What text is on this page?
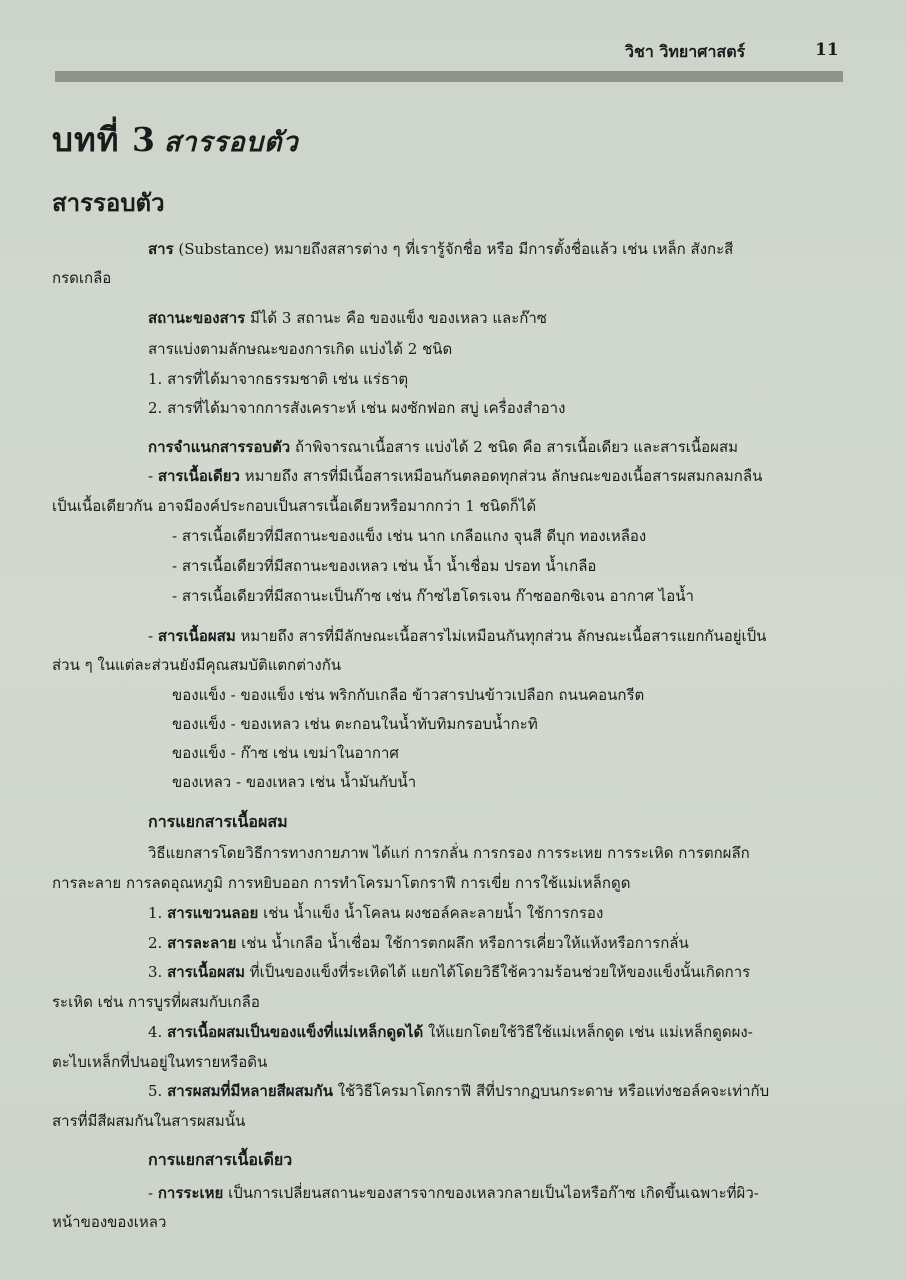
วิชา วิทยาศาสตร์	11
บทที่ 3 สารรอบตัว
สารรอบตัว
สาร (Substance) หมายถึงสสารต่าง ๆ ที่เรารู้จักชื่อ หรือ มีการตั้งชื่อแล้ว เช่น เหล็ก สังกะสี
กรดเกลือ
สถานะของสาร มีได้ 3 สถานะ คือ ของแข็ง ของเหลว และก๊าซ
สารแบ่งตามลักษณะของการเกิด แบ่งได้ 2 ชนิด
1. สารที่ได้มาจากธรรมชาติ เช่น แร่ธาตุ
2. สารที่ได้มาจากการสังเคราะห์ เช่น ผงซักฟอก สบู่ เครื่องสำอาง
การจำแนกสารรอบตัว ถ้าพิจารณาเนื้อสาร แบ่งได้ 2 ชนิด คือ สารเนื้อเดียว และสารเนื้อผสม
- สารเนื้อเดียว หมายถึง สารที่มีเนื้อสารเหมือนกันตลอดทุกส่วน ลักษณะของเนื้อสารผสมกลมกลืน
เป็นเนื้อเดียวกัน อาจมีองค์ประกอบเป็นสารเนื้อเดียวหรือมากกว่า 1 ชนิดก็ได้
- สารเนื้อเดียวที่มีสถานะของแข็ง เช่น นาก เกลือแกง จุนสี ดีบุก ทองเหลือง
- สารเนื้อเดียวที่มีสถานะของเหลว เช่น น้ำ น้ำเชื่อม ปรอท น้ำเกลือ
- สารเนื้อเดียวที่มีสถานะเป็นก๊าซ เช่น ก๊าซไฮโดรเจน ก๊าซออกซิเจน อากาศ ไอน้ำ
- สารเนื้อผสม หมายถึง สารที่มีลักษณะเนื้อสารไม่เหมือนกันทุกส่วน ลักษณะเนื้อสารแยกกันอยู่เป็น
ส่วน ๆ ในแต่ละส่วนยังมีคุณสมบัติแตกต่างกัน
ของแข็ง - ของแข็ง เช่น พริกกับเกลือ ข้าวสารปนข้าวเปลือก ถนนคอนกรีต
ของแข็ง - ของเหลว เช่น ตะกอนในน้ำทับทิมกรอบน้ำกะทิ
ของแข็ง - ก๊าซ เช่น เขม่าในอากาศ
ของเหลว - ของเหลว เช่น น้ำมันกับน้ำ
การแยกสารเนื้อผสม
วิธีแยกสารโดยวิธีการทางกายภาพ ได้แก่ การกลั่น การกรอง การระเหย การระเหิด การตกผลึก
การละลาย การลดอุณหภูมิ การหยิบออก การทำโครมาโตกราฟี การเขี่ย การใช้แม่เหล็กดูด
1. สารแขวนลอย เช่น น้ำแข็ง น้ำโคลน ผงชอล์คละลายน้ำ ใช้การกรอง
2. สารละลาย เช่น น้ำเกลือ น้ำเชื่อม ใช้การตกผลึก หรือการเคี่ยวให้แห้งหรือการกลั่น
3. สารเนื้อผสม ที่เป็นของแข็งที่ระเหิดได้ แยกได้โดยวิธีใช้ความร้อนช่วยให้ของแข็งนั้นเกิดการ
ระเหิด เช่น การบูรที่ผสมกับเกลือ
4. สารเนื้อผสมเป็นของแข็งที่แม่เหล็กดูดได้ ให้แยกโดยใช้วิธีใช้แม่เหล็กดูด เช่น แม่เหล็กดูดผง-
ตะไบเหล็กที่ปนอยู่ในทรายหรือดิน
5. สารผสมที่มีหลายสีผสมกัน ใช้วิธีโครมาโตกราฟี สีที่ปรากฏบนกระดาษ หรือแท่งชอล์คจะเท่ากับ
สารที่มีสีผสมกันในสารผสมนั้น
การแยกสารเนื้อเดียว
- การระเหย เป็นการเปลี่ยนสถานะของสารจากของเหลวกลายเป็นไอหรือก๊าซ เกิดขึ้นเฉพาะที่ผิว-
หน้าของของเหลว
